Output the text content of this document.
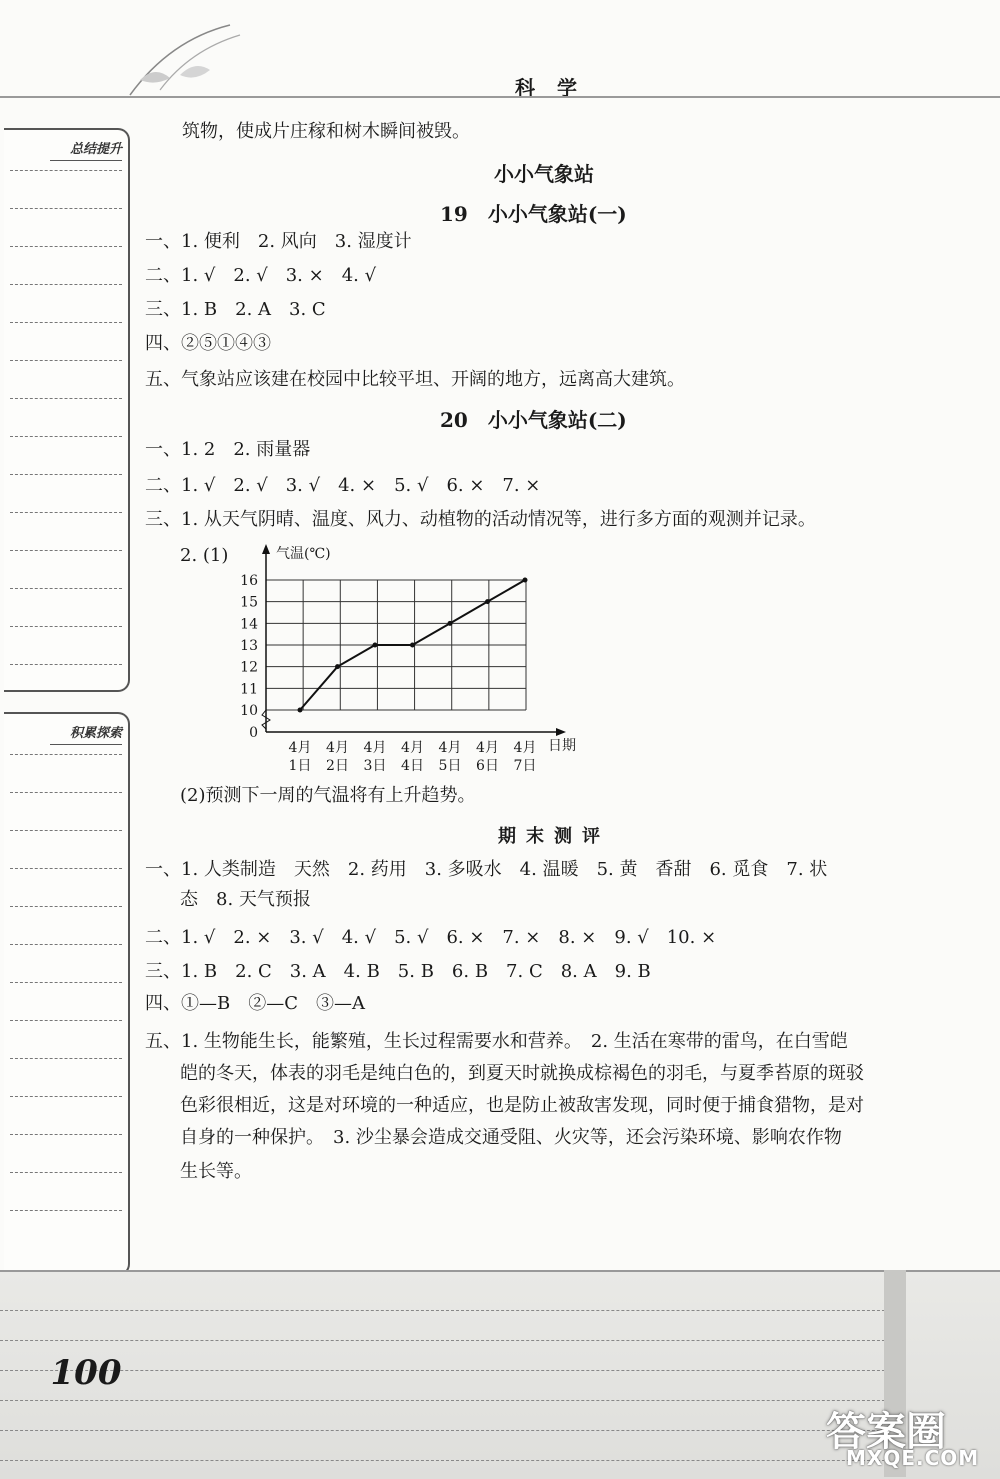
科学
总结提升
积累探索
筑物，使成片庄稼和树木瞬间被毁。
小小气象站
19　小小气象站(一)
一、1. 便利　2. 风向　3. 湿度计
二、1. √　2. √　3. ×　4. √
三、1. B　2. A　3. C
四、②⑤①④③
五、气象站应该建在校园中比较平坦、开阔的地方，远离高大建筑。
20　小小气象站(二)
一、1. 2　2. 雨量器
二、1. √　2. √　3. √　4. ×　5. √　6. ×　7. ×
三、1. 从天气阴晴、温度、风力、动植物的活动情况等，进行多方面的观测并记录。
2. (1)
0
10
11
12
13
14
15
16
气温(℃)
日期
4月
1日
4月
2日
4月
3日
4月
4日
4月
5日
4月
6日
4月
7日
(2)预测下一周的气温将有上升趋势。
期末测评
一、1. 人类制造　天然　2. 药用　3. 多吸水　4. 温暖　5. 黄　香甜　6. 觅食　7. 状
态　8. 天气预报
二、1. √　2. ×　3. √　4. √　5. √　6. ×　7. ×　8. ×　9. √　10. ×
三、1. B　2. C　3. A　4. B　5. B　6. B　7. C　8. A　9. B
四、①—B　②—C　③—A
五、1. 生物能生长，能繁殖，生长过程需要水和营养。　2. 生活在寒带的雷鸟，在白雪皑
皑的冬天，体表的羽毛是纯白色的，到夏天时就换成棕褐色的羽毛，与夏季苔原的斑驳
色彩很相近，这是对环境的一种适应，也是防止被敌害发现，同时便于捕食猎物，是对
自身的一种保护。　3. 沙尘暴会造成交通受阻、火灾等，还会污染环境、影响农作物
生长等。
100
答案圈
MXQE.COM
